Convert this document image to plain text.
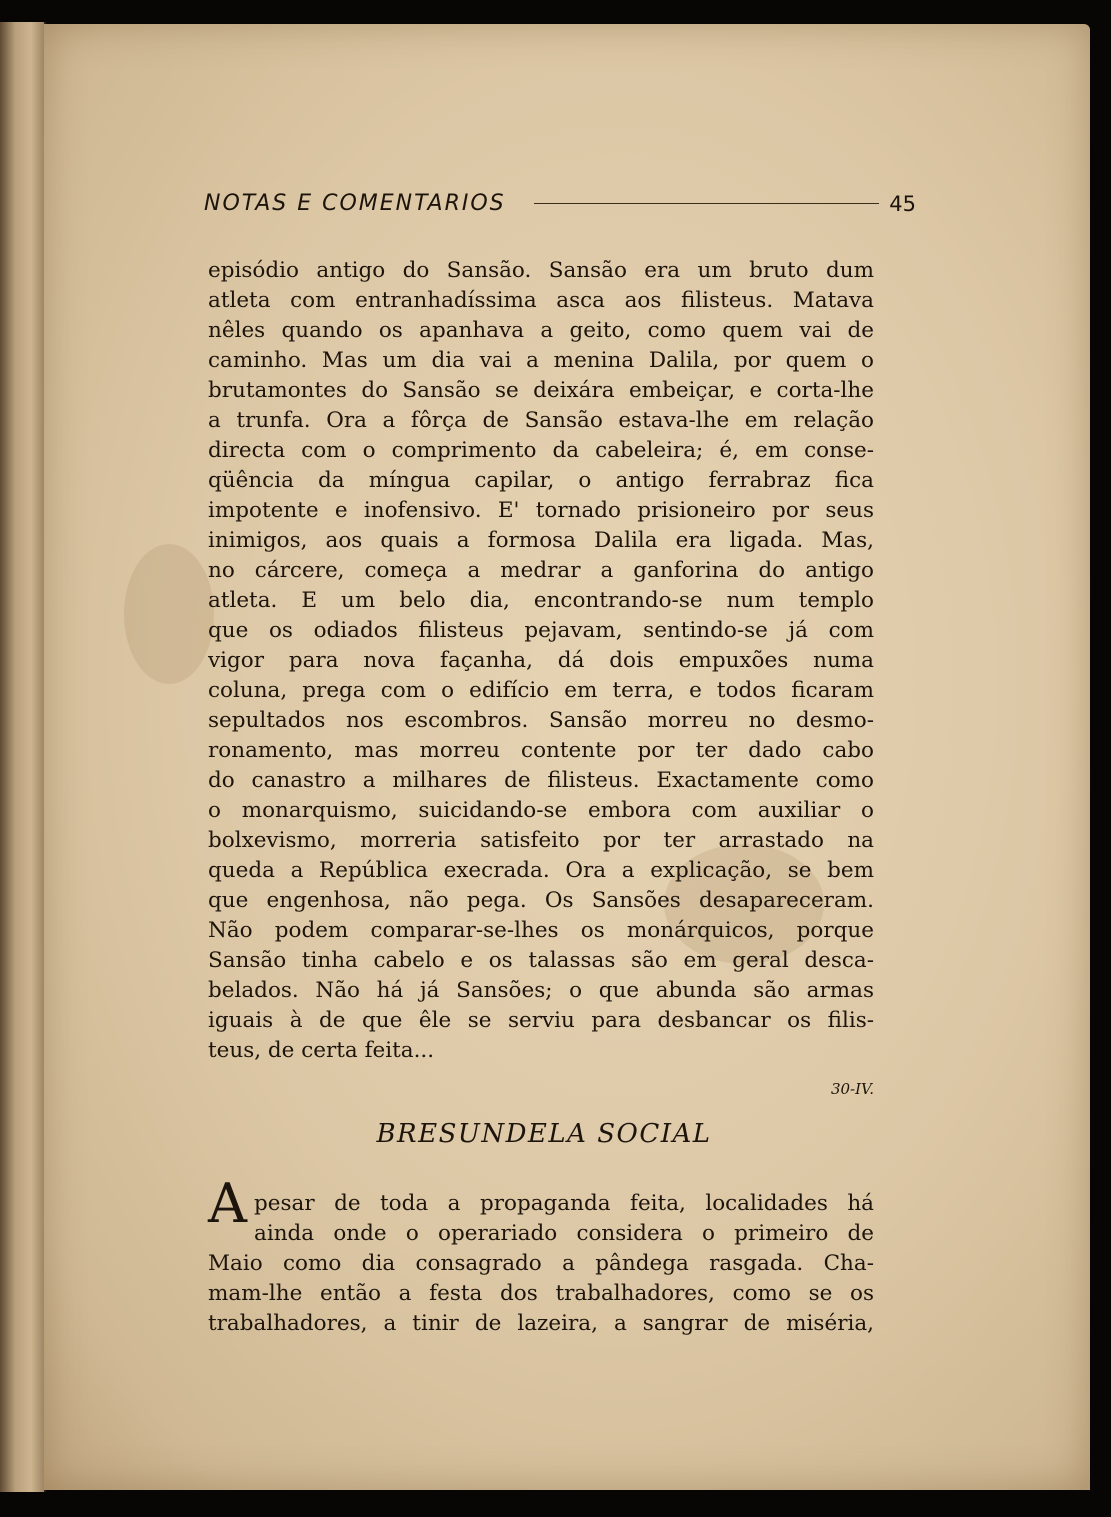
NOTAS E COMENTARIOS	45
episódio antigo do Sansão. Sansão era um bruto dum
atleta com entranhadíssima asca aos filisteus. Matava
nêles quando os apanhava a geito, como quem vai de
caminho. Mas um dia vai a menina Dalila, por quem o
brutamontes do Sansão se deixára embeiçar, e corta-lhe
a trunfa. Ora a fôrça de Sansão estava-lhe em relação
directa com o comprimento da cabeleira; é, em conse-
qüência da míngua capilar, o antigo ferrabraz fica
impotente e inofensivo. E' tornado prisioneiro por seus
inimigos, aos quais a formosa Dalila era ligada. Mas,
no cárcere, começa a medrar a ganforina do antigo
atleta. E um belo dia, encontrando-se num templo
que os odiados filisteus pejavam, sentindo-se já com
vigor para nova façanha, dá dois empuxões numa
coluna, prega com o edifício em terra, e todos ficaram
sepultados nos escombros. Sansão morreu no desmo-
ronamento, mas morreu contente por ter dado cabo
do canastro a milhares de filisteus. Exactamente como
o monarquismo, suicidando-se embora com auxiliar o
bolxevismo, morreria satisfeito por ter arrastado na
queda a República execrada. Ora a explicação, se bem
que engenhosa, não pega. Os Sansões desapareceram.
Não podem comparar-se-lhes os monárquicos, porque
Sansão tinha cabelo e os talassas são em geral desca-
belados. Não há já Sansões; o que abunda são armas
iguais à de que êle se serviu para desbancar os filis-
teus, de certa feita...
30-IV.
BRESUNDELA SOCIAL
A pesar de toda a propaganda feita, localidades há
ainda onde o operariado considera o primeiro de
Maio como dia consagrado a pândega rasgada. Cha-
mam-lhe então a festa dos trabalhadores, como se os
trabalhadores, a tinir de lazeira, a sangrar de miséria,
